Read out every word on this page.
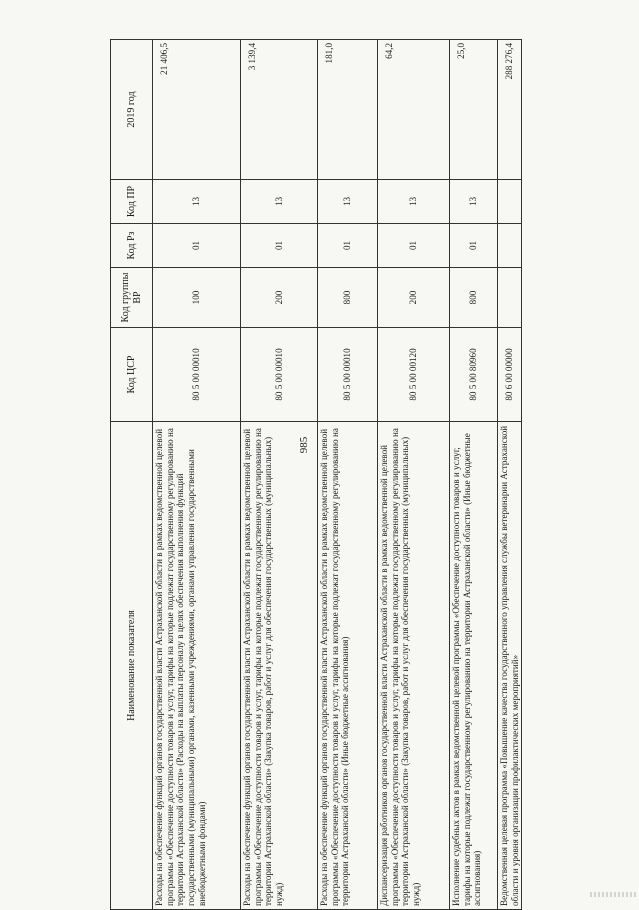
985
Наименование показателя	Код ЦСР	Код группы ВР	Код Рз	Код ПР	2019 год
Расходы на обеспечение функций органов государственной власти Астраханской области в рамках ведомственной целевой программы «Обеспечение доступности товаров и услуг, тарифы на которые подлежат государственному регулированию на территории Астраханской области» (Расходы на выплаты персоналу в целях обеспечения выполнения функций государственными (муниципальными) органами, казенными учреждениями, органами управления государственными внебюджетными фондами)	80 5 00 00010	100	01	13	21 406,5
Расходы на обеспечение функций органов государственной власти Астраханской области в рамках ведомственной целевой программы «Обеспечение доступности товаров и услуг, тарифы на которые подлежат государственному регулированию на территории Астраханской области» (Закупка товаров, работ и услуг для обеспечения государственных (муниципальных) нужд)	80 5 00 00010	200	01	13	3 139,4
Расходы на обеспечение функций органов государственной власти Астраханской области в рамках ведомственной целевой программы «Обеспечение доступности товаров и услуг, тарифы на которые подлежат государственному регулированию на территории Астраханской области» (Иные бюджетные ассигнования)	80 5 00 00010	800	01	13	181,0
Диспансеризация работников органов государственной власти Астраханской области в рамках ведомственной целевой программы «Обеспечение доступности товаров и услуг, тарифы на которые подлежат государственному регулированию на территории Астраханской области» (Закупка товаров, работ и услуг для обеспечения государственных (муниципальных) нужд)	80 5 00 00120	200	01	13	64,2
Исполнение судебных актов в рамках ведомственной целевой программы «Обеспечение доступности товаров и услуг, тарифы на которые подлежат государственному регулированию на территории Астраханской области» (Иные бюджетные ассигнования)	80 5 00 80960	800	01	13	25,0
Ведомственная целевая программа «Повышение качества государственного управления службы ветеринарии Астраханской области и уровня организации профилактических мероприятий»	80 6 00 00000				288 276,4
